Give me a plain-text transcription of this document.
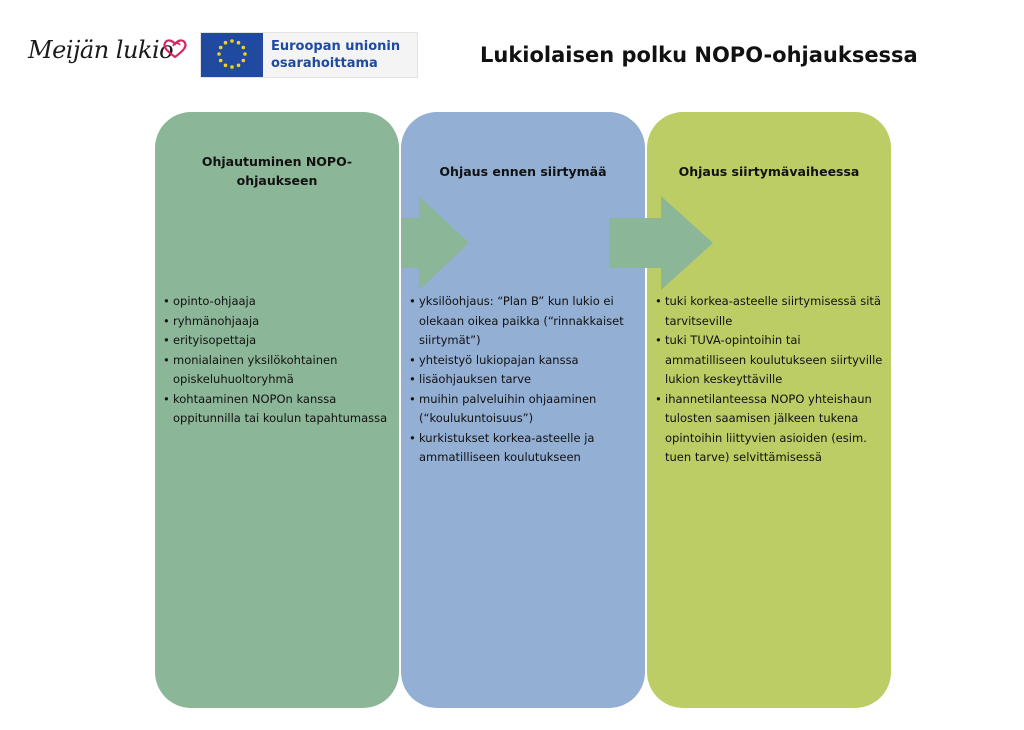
Meijän lukio	Euroopan unionin
osarahoittama	Lukiolaisen polku NOPO-ohjauksessa
Ohjautuminen NOPO-ohjaukseen
• opinto-ohjaaja
• ryhmänohjaaja
• erityisopettaja
• monialainen yksilökohtainen opiskeluhuoltoryhmä
• kohtaaminen NOPOn kanssa oppitunnilla tai koulun tapahtumassa
Ohjaus ennen siirtymää
• yksilöohjaus: “Plan B” kun lukio ei olekaan oikea paikka (“rinnakkaiset siirtymät”)
• yhteistyö lukiopajan kanssa
• lisäohjauksen tarve
• muihin palveluihin ohjaaminen (“koulukuntoisuus”)
• kurkistukset korkea-asteelle ja ammatilliseen koulutukseen
Ohjaus siirtymävaiheessa
• tuki korkea-asteelle siirtymisessä sitä tarvitseville
• tuki TUVA-opintoihin tai ammatilliseen koulutukseen siirtyville lukion keskeyttäville
• ihannetilanteessa NOPO yhteishaun tulosten saamisen jälkeen tukena opintoihin liittyvien asioiden (esim. tuen tarve) selvittämisessä
